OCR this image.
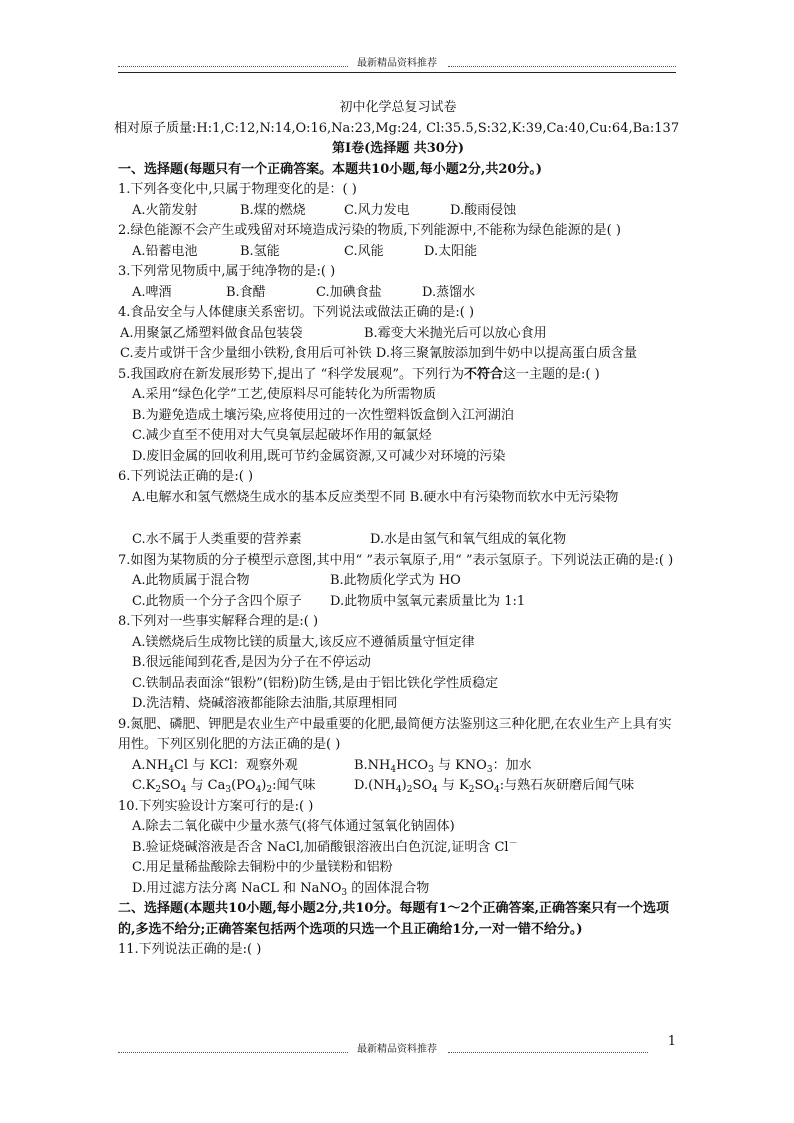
最新精品资料推荐
初中化学总复习试卷
相对原子质量:H:1,C:12,N:14,O:16,Na:23,Mg:24, Cl:35.5,S:32,K:39,Ca:40,Cu:64,Ba:137
第Ⅰ卷(选择题 共30分)
一、选择题(每题只有一个正确答案。本题共10小题,每小题2分,共20分。)
1.下列各变化中,只属于物理变化的是：( )
A.火箭发射	B.煤的燃烧	C.风力发电	D.酸雨侵蚀
2.绿色能源不会产生或残留对环境造成污染的物质,下列能源中,不能称为绿色能源的是( )
A.铅蓄电池	B.氢能	C.风能	D.太阳能
3.下列常见物质中,属于纯净物的是:( )
A.啤酒	B.食醋	C.加碘食盐	D.蒸馏水
4.食品安全与人体健康关系密切。下列说法或做法正确的是:( )
A.用聚氯乙烯塑料做食品包装袋	B.霉变大米抛光后可以放心食用
C.麦片或饼干含少量细小铁粉,食用后可补铁 D.将三聚氰胺添加到牛奶中以提高蛋白质含量
5.我国政府在新发展形势下,提出了 “科学发展观”。下列行为不符合这一主题的是:( )
A.采用“绿色化学”工艺,使原料尽可能转化为所需物质
B.为避免造成土壤污染,应将使用过的一次性塑料饭盒倒入江河湖泊
C.减少直至不使用对大气臭氧层起破坏作用的氟氯烃
D.废旧金属的回收利用,既可节约金属资源,又可减少对环境的污染
6.下列说法正确的是:( )
A.电解水和氢气燃烧生成水的基本反应类型不同 B.硬水中有污染物而软水中无污染物
C.水不属于人类重要的营养素	D.水是由氢气和氧气组成的氧化物
7.如图为某物质的分子模型示意图,其中用“ ”表示氧原子,用“ ”表示氢原子。下列说法正确的是:( )
A.此物质属于混合物	B.此物质化学式为 HO
C.此物质一个分子含四个原子 D.此物质中氢氧元素质量比为 1:1
8.下列对一些事实解释合理的是:( )
A.镁燃烧后生成物比镁的质量大,该反应不遵循质量守恒定律
B.很远能闻到花香,是因为分子在不停运动
C.铁制品表面涂“银粉”(铝粉)防生锈,是由于铝比铁化学性质稳定
D.洗洁精、烧碱溶液都能除去油脂,其原理相同
9.氮肥、磷肥、钾肥是农业生产中最重要的化肥,最简便方法鉴别这三种化肥,在农业生产上具有实用性。下列区别化肥的方法正确的是( )
$A.NH_4Cl$ 与 KCl：观察外观	$B.NH_4HCO_3$ 与 $KNO_3$：加水
$C.K_2SO_4$ 与 $Ca_3(PO_4)_2$:闻气味	$D.(NH_4)_2SO_4$ 与 $K_2SO_4$:与熟石灰研磨后闻气味
10.下列实验设计方案可行的是:( )
A.除去二氧化碳中少量水蒸气(将气体通过氢氧化钠固体)
B.验证烧碱溶液是否含 NaCl,加硝酸银溶液出白色沉淀,证明含 Cl－
C.用足量稀盐酸除去铜粉中的少量镁粉和铝粉
D.用过滤方法分离 NaCL 和 NaNO$_3$ 的固体混合物
二、选择题(本题共10小题,每小题2分,共10分。每题有1～2个正确答案,正确答案只有一个选项的,多选不给分;正确答案包括两个选项的只选一个且正确给1分,一对一错不给分。)
11.下列说法正确的是:( )
最新精品资料推荐
1
